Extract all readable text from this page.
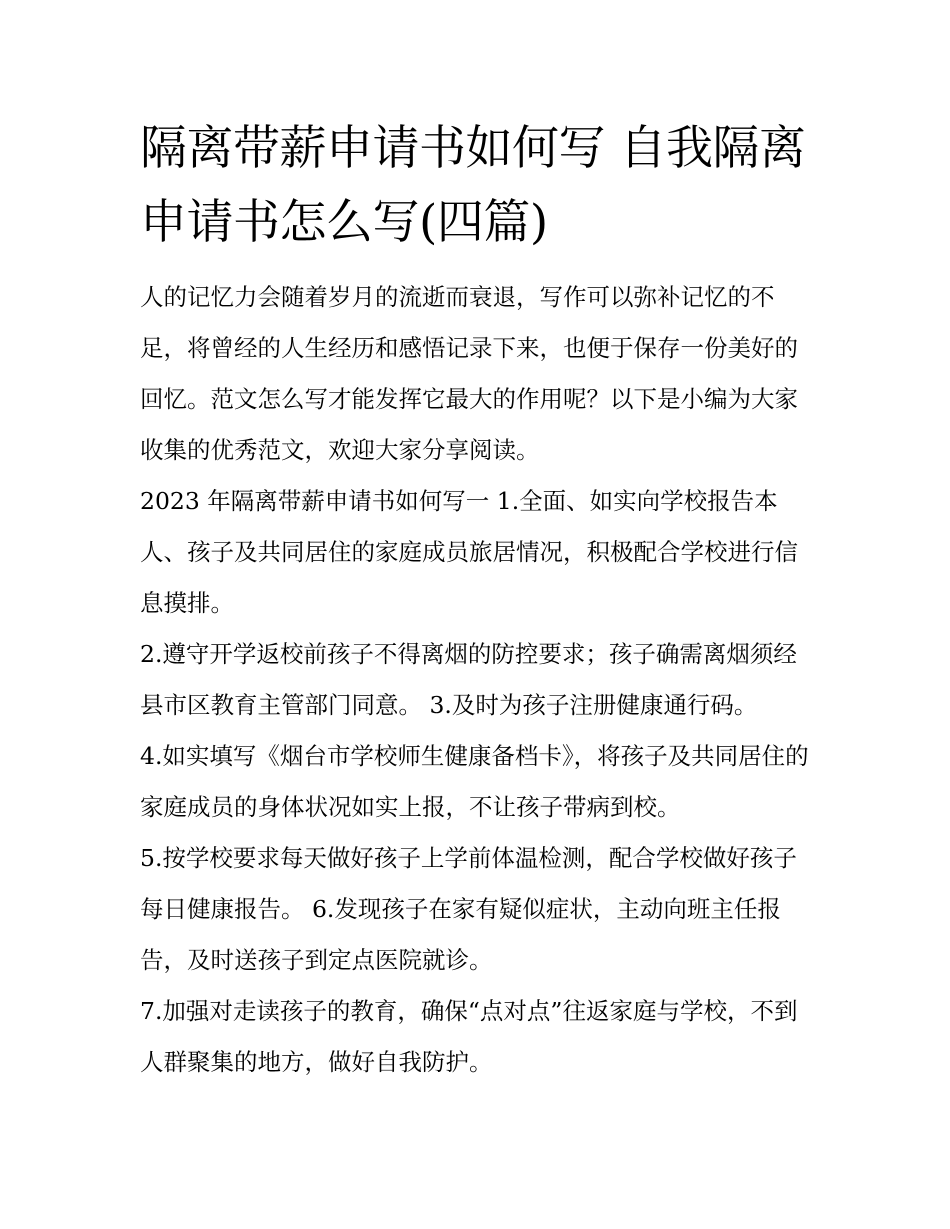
隔离带薪申请书如何写 自我隔离申请书怎么写(四篇)

人的记忆力会随着岁月的流逝而衰退，写作可以弥补记忆的不足，将曾经的人生经历和感悟记录下来，也便于保存一份美好的回忆。范文怎么写才能发挥它最大的作用呢？以下是小编为大家收集的优秀范文，欢迎大家分享阅读。

2023 年隔离带薪申请书如何写一 1.全面、如实向学校报告本人、孩子及共同居住的家庭成员旅居情况，积极配合学校进行信息摸排。

2.遵守开学返校前孩子不得离烟的防控要求；孩子确需离烟须经县市区教育主管部门同意。 3.及时为孩子注册健康通行码。

4.如实填写《烟台市学校师生健康备档卡》，将孩子及共同居住的家庭成员的身体状况如实上报，不让孩子带病到校。

5.按学校要求每天做好孩子上学前体温检测，配合学校做好孩子每日健康报告。 6.发现孩子在家有疑似症状，主动向班主任报告，及时送孩子到定点医院就诊。

7.加强对走读孩子的教育，确保“点对点”往返家庭与学校，不到人群聚集的地方，做好自我防护。
